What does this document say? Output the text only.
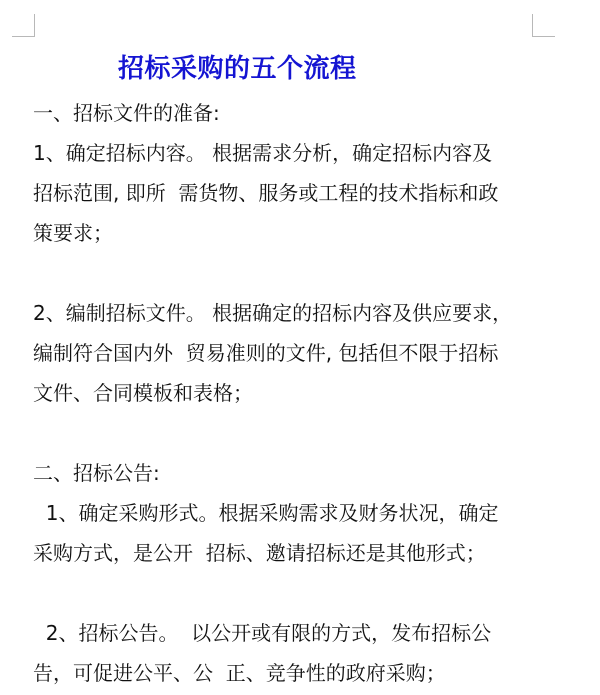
招标采购的五个流程
一、招标文件的准备:
1、确定招标内容。 根据需求分析，确定招标内容及
招标范围, 即所  需货物、服务或工程的技术指标和政
策要求；
2、编制招标文件。 根据确定的招标内容及供应要求，
编制符合国内外  贸易准则的文件, 包括但不限于招标
文件、合同模板和表格；
二、招标公告:
1、确定采购形式。根据采购需求及财务状况，确定
采购方式，是公开  招标、邀请招标还是其他形式；
2、招标公告。  以公开或有限的方式，发布招标公
告，可促进公平、公  正、竞争性的政府采购；
